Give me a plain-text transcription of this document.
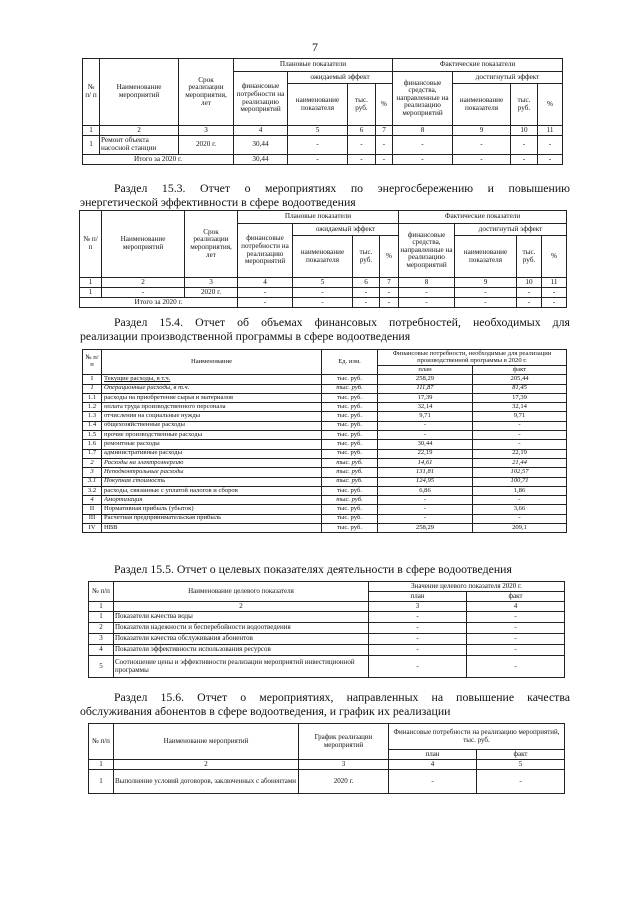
7
№ п/ п	Наименование мероприятий	Срок реализации мероприятия, лет	Плановые показатели				Фактические показатели			
			финансовые потребности на реализацию мероприятий	ожидаемый эффект			финансовые средства, направленные на реализацию мероприятий	достигнутый эффект		
				наименование показателя	тыс. руб.	%		наименование показателя	тыс. руб.	%
1	2	3	4	5	6	7	8	9	10	11
1	Ремонт объекта насосной станции	2020 г.	30,44	-	-	-	-	-	-	-
Итого за 2020 г.			30,44	-	-	-	-	-	-	-
Раздел 15.3. Отчет о мероприятиях по энергосбережению и повышению
энергетической эффективности в сфере водоотведения
№ п/ п	Наименование мероприятий	Срок реализации мероприятия, лет	Плановые показатели				Фактические показатели			
			финансовые потребности на реализацию мероприятий	ожидаемый эффект			финансовые средства, направленные на реализацию мероприятий	достигнутый эффект		
				наименование показателя	тыс. руб.	%		наименование показателя	тыс. руб.	%
1	2	3	4	5	6	7	8	9	10	11
1	-	2020 г.	-	-	-	-	-	-	-	-
Итого за 2020 г.			-	-	-	-	-	-	-	-
Раздел 15.4. Отчет об объемах финансовых потребностей, необходимых для
реализации производственной программы в сфере водоотведения
№ п/ п	Наименование	Ед. изм.	Финансовые потребности, необходимые для реализации производственной программы в 2020 г.	
			план	факт
I	Текущие расходы, в т.ч.	тыс. руб.	258,29	205,44
1	Операционные расходы, в т.ч.	тыс. руб.	111,87	81,45
1.1	расходы на приобретение сырья и материалов	тыс. руб.	17,39	17,39
1.2	оплата труда производственного персонала	тыс. руб.	32,14	32,14
1.3	отчисления на социальные нужды	тыс. руб.	9,71	9,71
1.4	общехозяйственные расходы	тыс. руб.	-	-
1.5	прочие производственные расходы	тыс. руб.	-	-
1.6	ремонтные расходы	тыс. руб.	30,44	-
1.7	административные расходы	тыс. руб.	22,19	22,19
2	Расходы на электроэнергию	тыс. руб.	14,61	21,44
3	Неподконтрольные расходы	тыс. руб.	131,81	102,57
3.1	Покупная стоимость	тыс. руб.	124,95	100,71
3.2	расходы, связанные с уплатой налогов и сборов	тыс. руб.	6,86	1,86
4	Амортизация	тыс. руб.	-	-
II	Нормативная прибыль (убыток)	тыс. руб.	-	3,66
III	Расчетная предпринимательская прибыль	тыс. руб.	-	-
IV	НВВ	тыс. руб.	258,29	209,1
Раздел 15.5. Отчет о целевых показателях деятельности в сфере водоотведения
№ п/п	Наименование целевого показателя	Значение целевого показателя 2020 г.	
		план	факт
1	2	3	4
1	Показатели качества воды	-	-
2	Показатели надежности и бесперебойности водоотведения	-	-
3	Показатели качества обслуживания абонентов	-	-
4	Показатели эффективности использования ресурсов	-	-
5	Соотношение цены и эффективности реализации мероприятий инвестиционной программы	-	-
Раздел 15.6. Отчет о мероприятиях, направленных на повышение качества
обслуживания абонентов в сфере водоотведения, и график их реализации
№ п/п	Наименование мероприятий	График реализации мероприятий	Финансовые потребности на реализацию мероприятий, тыс. руб.	
			план	факт
1	2	3	4	5
1	Выполнение условий договоров, заключенных с абонентами	2020 г.	-	-
